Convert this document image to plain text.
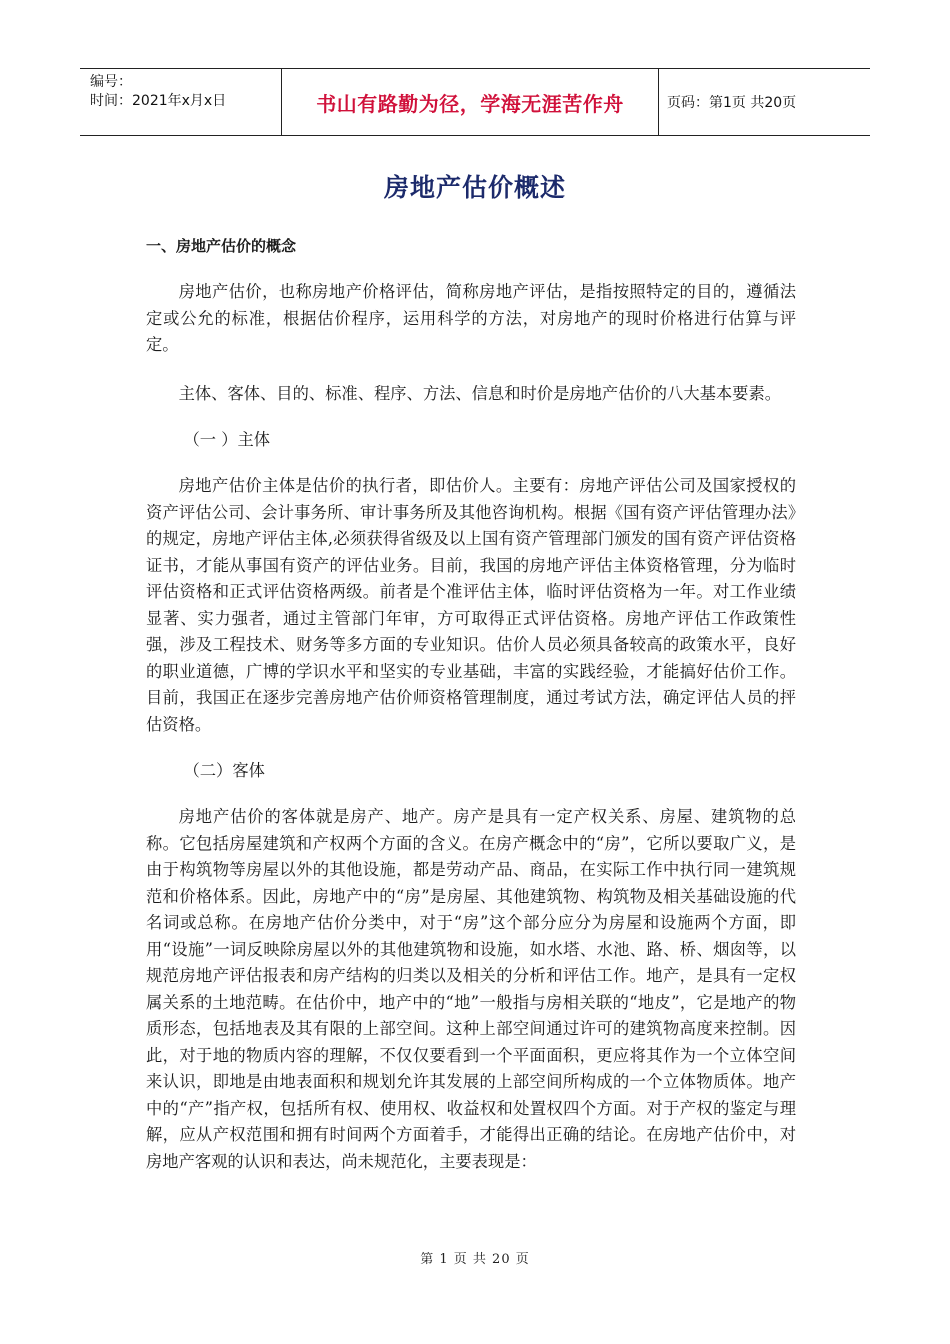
编号：
时间：2021年x月x日	书山有路勤为径，学海无涯苦作舟	页码：第1页 共20页
房地产估价概述
一、房地产估价的概念

房地产估价，也称房地产价格评估，简称房地产评估，是指按照特定的目的，遵循法定或公允的标准，根据估价程序，运用科学的方法，对房地产的现时价格进行估算与评定。

主体、客体、目的、标准、程序、方法、信息和时价是房地产估价的八大基本要素。

（一 ）主体

房地产估价主体是估价的执行者，即估价人。主要有：房地产评估公司及国家授权的资产评估公司、会计事务所、审计事务所及其他咨询机构。根据《国有资产评估管理办法》的规定，房地产评估主体,必须获得省级及以上国有资产管理部门颁发的国有资产评估资格证书，才能从事国有资产的评估业务。目前，我国的房地产评估主体资格管理，分为临时评估资格和正式评估资格两级。前者是个准评估主体，临时评估资格为一年。对工作业绩显著、实力强者，通过主管部门年审，方可取得正式评估资格。房地产评估工作政策性强，涉及工程技术、财务等多方面的专业知识。估价人员必须具备较高的政策水平，良好的职业道德，广博的学识水平和坚实的专业基础，丰富的实践经验，才能搞好估价工作。目前，我国正在逐步完善房地产估价师资格管理制度，通过考试方法，确定评估人员的抨估资格。

（二）客体

房地产估价的客体就是房产、地产。房产是具有一定产权关系、房屋、建筑物的总称。它包括房屋建筑和产权两个方面的含义。在房产概念中的“房”，它所以要取广义，是由于构筑物等房屋以外的其他设施，都是劳动产品、商品，在实际工作中执行同一建筑规范和价格体系。因此，房地产中的“房”是房屋、其他建筑物、构筑物及相关基础设施的代名词或总称。在房地产估价分类中，对于“房”这个部分应分为房屋和设施两个方面，即用“设施”一词反映除房屋以外的其他建筑物和设施，如水塔、水池、路、桥、烟囱等，以规范房地产评估报表和房产结构的归类以及相关的分析和评估工作。地产，是具有一定权属关系的土地范畴。在估价中，地产中的“地”一般指与房相关联的“地皮”，它是地产的物质形态，包括地表及其有限的上部空间。这种上部空间通过许可的建筑物高度来控制。因此，对于地的物质内容的理解，不仅仅要看到一个平面面积，更应将其作为一个立体空间来认识，即地是由地表面积和规划允许其发展的上部空间所构成的一个立体物质体。地产中的“产”指产权，包括所有权、使用权、收益权和处置权四个方面。对于产权的鉴定与理解，应从产权范围和拥有时间两个方面着手，才能得出正确的结论。在房地产估价中，对房地产客观的认识和表达，尚未规范化，主要表现是：

第 1 页 共 20 页
